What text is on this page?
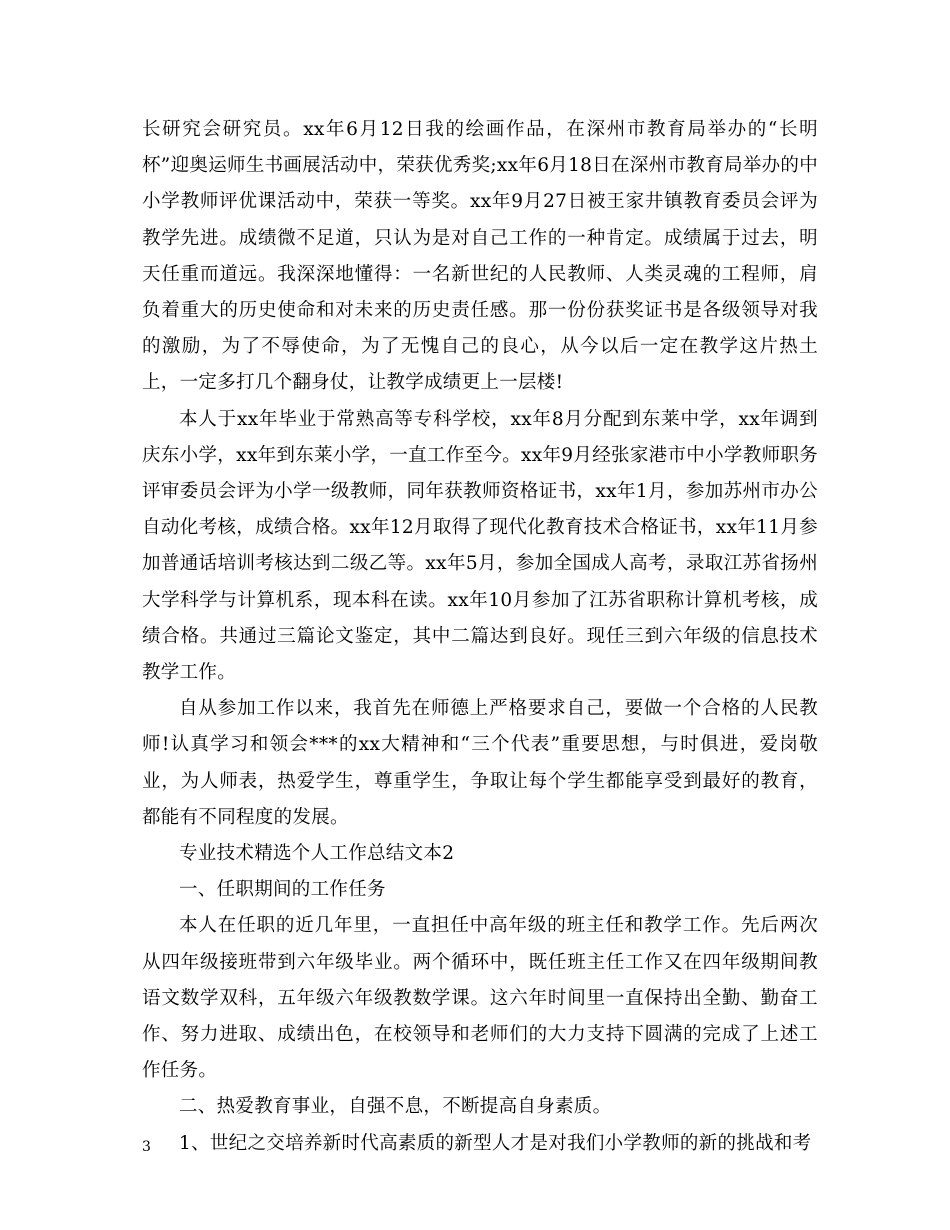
长研究会研究员。xx年6月12日我的绘画作品，在深州市教育局举办的“长明杯”迎奥运师生书画展活动中，荣获优秀奖;xx年6月18日在深州市教育局举办的中小学教师评优课活动中，荣获一等奖。xx年9月27日被王家井镇教育委员会评为教学先进。成绩微不足道，只认为是对自己工作的一种肯定。成绩属于过去，明天任重而道远。我深深地懂得：一名新世纪的人民教师、人类灵魂的工程师，肩负着重大的历史使命和对未来的历史责任感。那一份份获奖证书是各级领导对我的激励，为了不辱使命，为了无愧自己的良心，从今以后一定在教学这片热土上，一定多打几个翻身仗，让教学成绩更上一层楼!

本人于xx年毕业于常熟高等专科学校，xx年8月分配到东莱中学，xx年调到庆东小学，xx年到东莱小学，一直工作至今。xx年9月经张家港市中小学教师职务评审委员会评为小学一级教师，同年获教师资格证书，xx年1月，参加苏州市办公自动化考核，成绩合格。xx年12月取得了现代化教育技术合格证书，xx年11月参加普通话培训考核达到二级乙等。xx年5月，参加全国成人高考，录取江苏省扬州大学科学与计算机系，现本科在读。xx年10月参加了江苏省职称计算机考核，成绩合格。共通过三篇论文鉴定，其中二篇达到良好。现任三到六年级的信息技术教学工作。

自从参加工作以来，我首先在师德上严格要求自己，要做一个合格的人民教师!认真学习和领会***的xx大精神和“三个代表”重要思想，与时俱进，爱岗敬业，为人师表，热爱学生，尊重学生，争取让每个学生都能享受到最好的教育，都能有不同程度的发展。

专业技术精选个人工作总结文本2

一、任职期间的工作任务

本人在任职的近几年里，一直担任中高年级的班主任和教学工作。先后两次从四年级接班带到六年级毕业。两个循环中，既任班主任工作又在四年级期间教语文数学双科，五年级六年级教数学课。这六年时间里一直保持出全勤、勤奋工作、努力进取、成绩出色，在校领导和老师们的大力支持下圆满的完成了上述工作任务。

二、热爱教育事业，自强不息，不断提高自身素质。

1、世纪之交培养新时代高素质的新型人才是对我们小学教师的新的挑战和考

3
